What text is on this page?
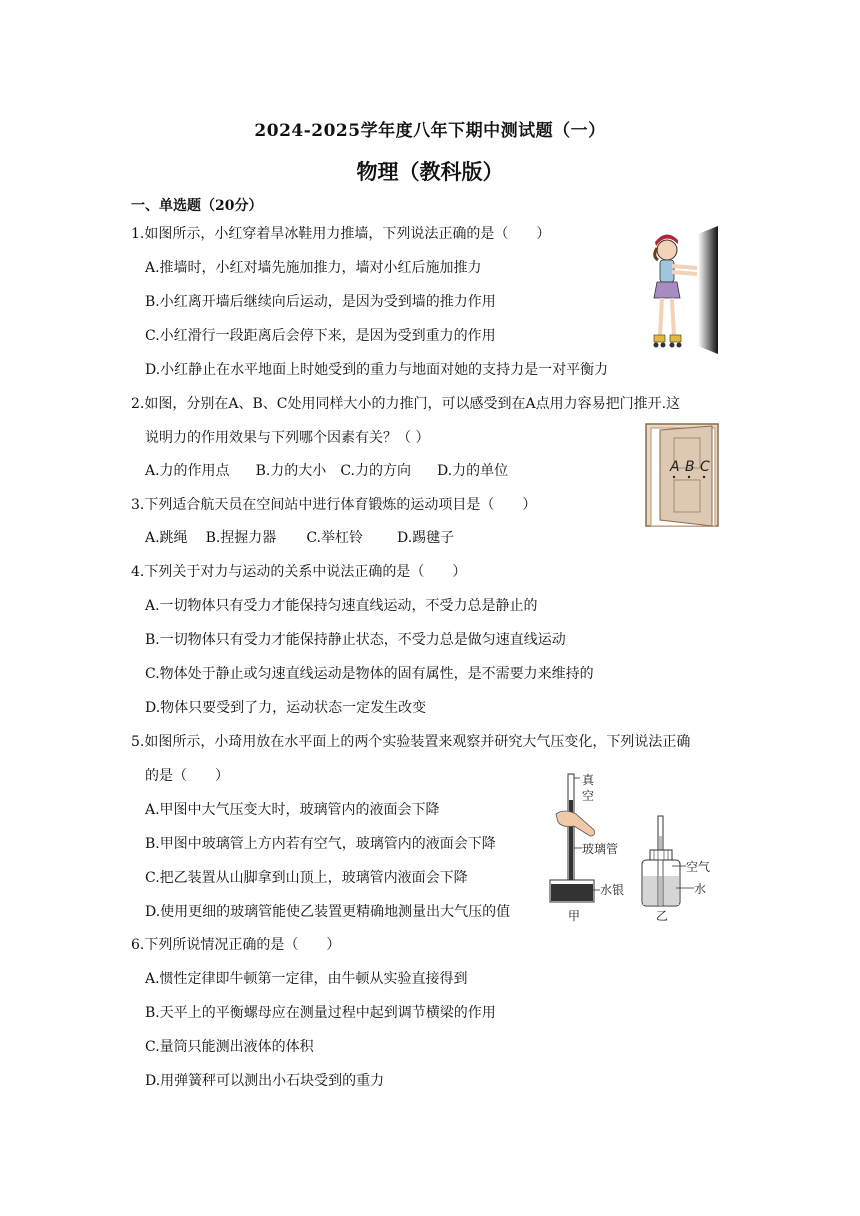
2024-2025学年度八年下期中测试题（一）
物理（教科版）
一、单选题（20分）
1.如图所示，小红穿着旱冰鞋用力推墙，下列说法正确的是（　　）
A.推墙时，小红对墙先施加推力，墙对小红后施加推力
B.小红离开墙后继续向后运动，是因为受到墙的推力作用
C.小红滑行一段距离后会停下来，是因为受到重力的作用
D.小红静止在水平地面上时她受到的重力与地面对她的支持力是一对平衡力
2.如图，分别在A、B、C处用同样大小的力推门，可以感受到在A点用力容易把门推开.这
说明力的作用效果与下列哪个因素有关？（ ）
A.力的作用点 B.力的大小 C.力的方向 D.力的单位	A B C
3.下列适合航天员在空间站中进行体育锻炼的运动项目是（　　）
A.跳绳 B.捏握力器 C.举杠铃 D.踢毽子
4.下列关于对力与运动的关系中说法正确的是（　　）
A.一切物体只有受力才能保持匀速直线运动，不受力总是静止的
B.一切物体只有受力才能保持静止状态，不受力总是做匀速直线运动
C.物体处于静止或匀速直线运动是物体的固有属性，是不需要力来维持的
D.物体只要受到了力，运动状态一定发生改变
5.如图所示，小琦用放在水平面上的两个实验装置来观察并研究大气压变化，下列说法正确
的是（　　）
A.甲图中大气压变大时，玻璃管内的液面会下降
B.甲图中玻璃管上方内若有空气，玻璃管内的液面会下降
C.把乙装置从山脚拿到山顶上，玻璃管内液面会下降
D.使用更细的玻璃管能使乙装置更精确地测量出大气压的值
真
空
水银
甲
玻璃管
空气
水
乙
6.下列所说情况正确的是（　　）
A.惯性定律即牛顿第一定律，由牛顿从实验直接得到
B.天平上的平衡螺母应在测量过程中起到调节横梁的作用
C.量筒只能测出液体的体积
D.用弹簧秤可以测出小石块受到的重力
